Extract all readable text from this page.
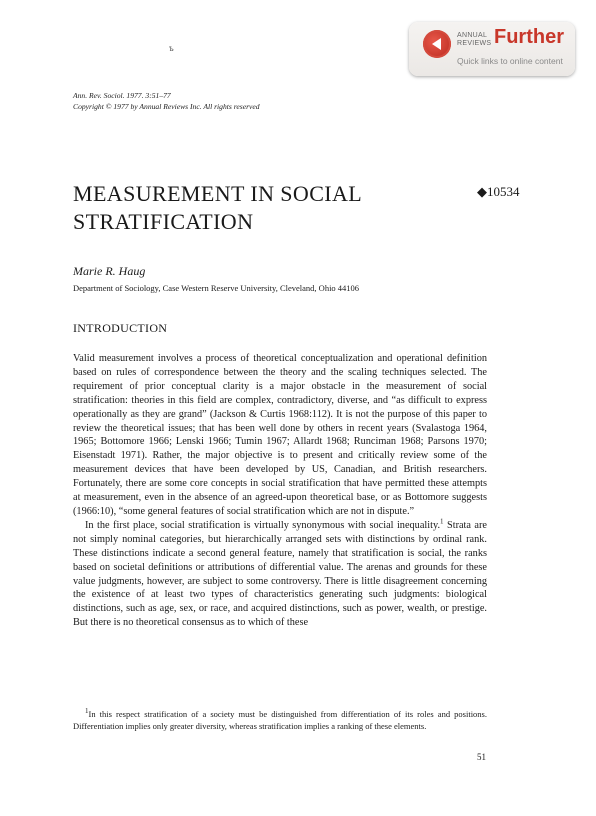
ъ
ANNUAL
REVIEWS Further
Quick links to online content
Ann. Rev. Sociol. 1977. 3:51–77
Copyright © 1977 by Annual Reviews Inc. All rights reserved
MEASUREMENT IN SOCIAL
STRATIFICATION
◆10534
Marie R. Haug
Department of Sociology, Case Western Reserve University, Cleveland, Ohio 44106
INTRODUCTION

Valid measurement involves a process of theoretical conceptualization and operational definition based on rules of correspondence between the theory and the scaling techniques selected. The requirement of prior conceptual clarity is a major obstacle in the measurement of social stratification: theories in this field are complex, contradictory, diverse, and “as difficult to express operationally as they are grand” (Jackson & Curtis 1968:112). It is not the purpose of this paper to review the theoretical issues; that has been well done by others in recent years (Svalastoga 1964, 1965; Bottomore 1966; Lenski 1966; Tumin 1967; Allardt 1968; Runciman 1968; Parsons 1970; Eisenstadt 1971). Rather, the major objective is to present and critically review some of the measurement devices that have been developed by US, Canadian, and British researchers. Fortunately, there are some core concepts in social stratification that have permitted these attempts at measurement, even in the absence of an agreed-upon theoretical base, or as Bottomore suggests (1966:10), “some general features of social stratification which are not in dispute.”

In the first place, social stratification is virtually synonymous with social inequality.$^1$ Strata are not simply nominal categories, but hierarchically arranged sets with distinctions by ordinal rank. These distinctions indicate a second general feature, namely that stratification is social, the ranks based on societal definitions or attributions of differential value. The arenas and grounds for these value judgments, however, are subject to some controversy. There is little disagreement concerning the existence of at least two types of characteristics generating such judgments: biological distinctions, such as age, sex, or race, and acquired distinctions, such as power, wealth, or prestige. But there is no theoretical consensus as to which of these

$^1$In this respect stratification of a society must be distinguished from differentiation of its roles and positions. Differentiation implies only greater diversity, whereas stratification implies a ranking of these elements.

51
